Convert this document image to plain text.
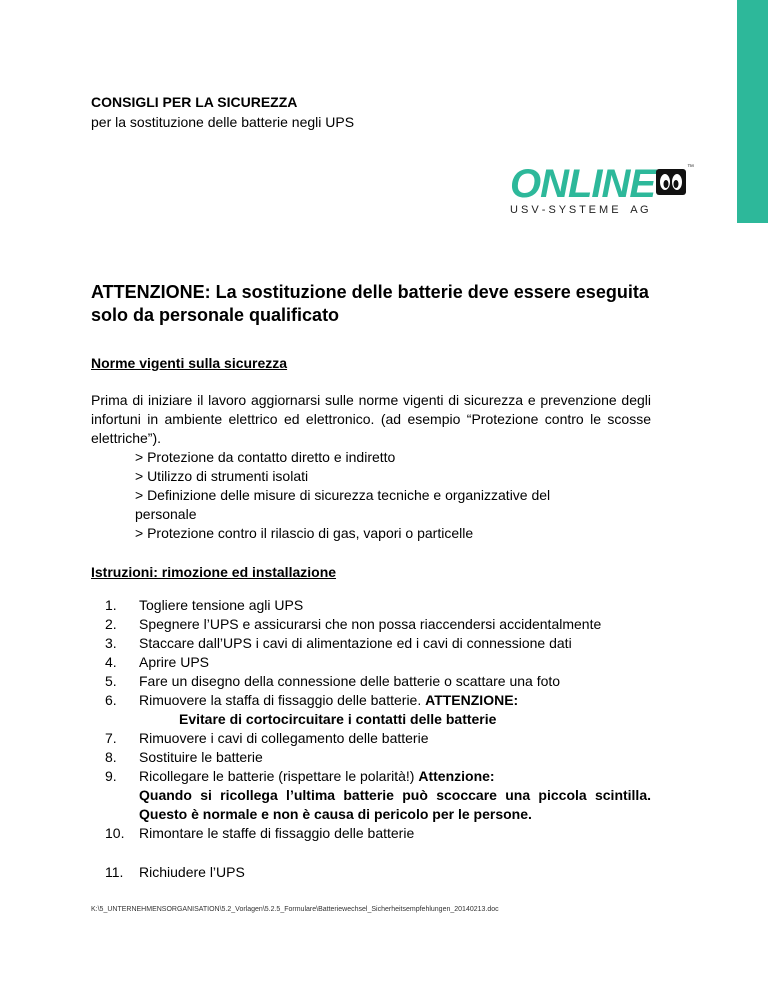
CONSIGLI PER LA SICUREZZA
per la sostituzione delle batterie negli UPS
ONLINE	™
U S V - S Y S T E M E    A G
ATTENZIONE: La sostituzione delle batterie deve essere eseguita solo da personale qualificato
Norme vigenti sulla sicurezza
Prima di iniziare il lavoro aggiornarsi sulle norme vigenti di sicurezza e prevenzione degli infortuni in ambiente elettrico ed elettronico. (ad esempio “Protezione contro le scosse elettriche”).
> Protezione da contatto diretto e indiretto
> Utilizzo di strumenti isolati
> Definizione delle misure di sicurezza tecniche e organizzative del personale
> Protezione contro il rilascio di gas, vapori o particelle
Istruzioni: rimozione ed installazione
1.	Togliere tensione agli UPS
2.	Spegnere l’UPS e assicurarsi che non possa riaccendersi accidentalmente
3.	Staccare dall’UPS i cavi di alimentazione ed i cavi di connessione dati
4.	Aprire UPS
5.	Fare un disegno della connessione delle batterie o scattare una foto
6.	Rimuovere la staffa di fissaggio delle batterie. ATTENZIONE:
Evitare di cortocircuitare i contatti delle batterie
7.	Rimuovere i cavi di collegamento delle batterie
8.	Sostituire le batterie
9.	Ricollegare le batterie (rispettare le polarità!) Attenzione:
Quando si ricollega l’ultima batterie può scoccare una piccola scintilla. Questo è normale e non è causa di pericolo per le persone.
10.	Rimontare le staffe di fissaggio delle batterie
11.	Richiudere l’UPS
K:\5_UNTERNEHMENSORGANISATION\5.2_Vorlagen\5.2.5_Formulare\Batteriewechsel_Sicherheitsempfehlungen_20140213.doc
